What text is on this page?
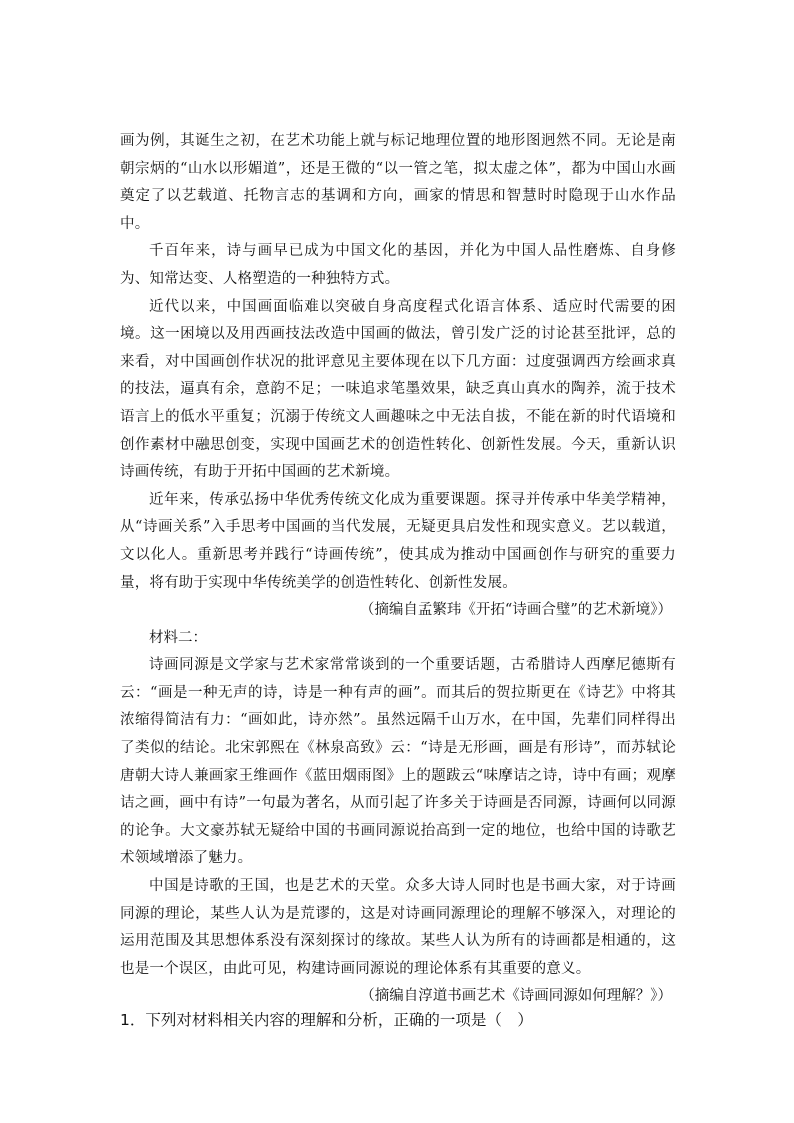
画为例，其诞生之初，在艺术功能上就与标记地理位置的地形图迥然不同。无论是南朝宗炳的“山水以形媚道”，还是王微的“以一管之笔，拟太虚之体”，都为中国山水画奠定了以艺载道、托物言志的基调和方向，画家的情思和智慧时时隐现于山水作品中。

千百年来，诗与画早已成为中国文化的基因，并化为中国人品性磨炼、自身修为、知常达变、人格塑造的一种独特方式。

近代以来，中国画面临难以突破自身高度程式化语言体系、适应时代需要的困境。这一困境以及用西画技法改造中国画的做法，曾引发广泛的讨论甚至批评，总的来看，对中国画创作状况的批评意见主要体现在以下几方面：过度强调西方绘画求真的技法，逼真有余，意韵不足；一味追求笔墨效果，缺乏真山真水的陶养，流于技术语言上的低水平重复；沉溺于传统文人画趣味之中无法自拔，不能在新的时代语境和创作素材中融思创变，实现中国画艺术的创造性转化、创新性发展。今天，重新认识诗画传统，有助于开拓中国画的艺术新境。

近年来，传承弘扬中华优秀传统文化成为重要课题。探寻并传承中华美学精神，从“诗画关系”入手思考中国画的当代发展，无疑更具启发性和现实意义。艺以载道，文以化人。重新思考并践行“诗画传统”，使其成为推动中国画创作与研究的重要力量，将有助于实现中华传统美学的创造性转化、创新性发展。

（摘编自孟繁玮《开拓“诗画合璧”的艺术新境》）

材料二：

诗画同源是文学家与艺术家常常谈到的一个重要话题，古希腊诗人西摩尼德斯有云：“画是一种无声的诗，诗是一种有声的画”。而其后的贺拉斯更在《诗艺》中将其浓缩得简洁有力：“画如此，诗亦然”。虽然远隔千山万水，在中国，先辈们同样得出了类似的结论。北宋郭熙在《林泉高致》云：“诗是无形画，画是有形诗”，而苏轼论唐朝大诗人兼画家王维画作《蓝田烟雨图》上的题跋云“味摩诘之诗，诗中有画；观摩诘之画，画中有诗”一句最为著名，从而引起了许多关于诗画是否同源，诗画何以同源的论争。大文豪苏轼无疑给中国的书画同源说抬高到一定的地位，也给中国的诗歌艺术领域增添了魅力。

中国是诗歌的王国，也是艺术的天堂。众多大诗人同时也是书画大家，对于诗画同源的理论，某些人认为是荒谬的，这是对诗画同源理论的理解不够深入，对理论的运用范围及其思想体系没有深刻探讨的缘故。某些人认为所有的诗画都是相通的，这也是一个误区，由此可见，构建诗画同源说的理论体系有其重要的意义。

（摘编自淳道书画艺术《诗画同源如何理解？》）

1．下列对材料相关内容的理解和分析，正确的一项是（　）
